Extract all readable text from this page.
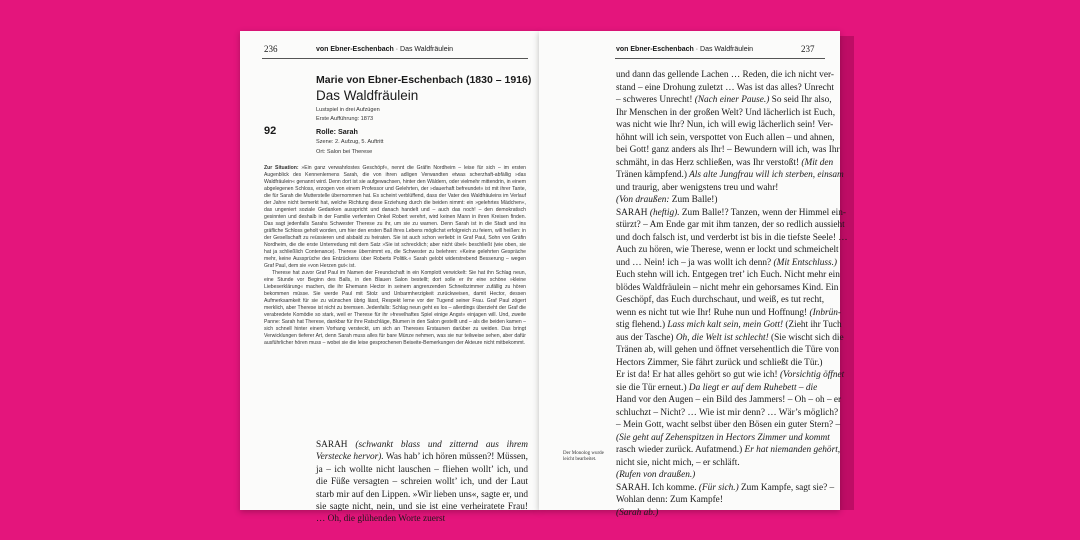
236	von Ebner-Eschenbach · Das Waldfräulein
Marie von Ebner-Eschenbach (1830 – 1916)
Das Waldfräulein
Lustspiel in drei Aufzügen
Erste Aufführung: 1873
92	Rolle: Sarah
Szene: 2. Aufzug, 5. Auftritt
Ort: Salon bei Therese

Zur Situation: »Ein ganz verwahrlostes Geschöpf«, nennt die Gräfin Nordheim – leise für sich – im ersten Augenblick des Kennenlernens Sarah, die von ihren adligen Verwandten etwas scherzhaft-abfällig »das Waldfräulein« genannt wird. Denn dort ist sie aufgewachsen, hinter den Wäldern, oder vielmehr mittendrin, in einem abgelegenen Schloss, erzogen von einem Professor und Gelehrten, der »dauerhaft befreundet« ist mit ihrer Tante, die für Sarah die Mutterstelle übernommen hat. Es scheint verblüffend, dass der Vater des Waldfräuleins im Verlauf der Jahre nicht bemerkt hat, welche Richtung diese Erziehung durch die beiden nimmt: ein »gelehrtes Mädchen«, das ungeniert soziale Gedanken ausspricht und danach handelt und – auch das noch! – den demokratisch gesinnten und deshalb in der Familie verfemten Onkel Robert verehrt, wird keinen Mann in ihren Kreisen finden. Das sagt jedenfalls Sarahs Schwester Therese zu ihr, um sie zu warnen. Denn Sarah ist in die Stadt und ins gräfliche Schloss geholt worden, um hier den ersten Ball ihres Lebens möglichst erfolgreich zu feiern, will heißen: in der Gesellschaft zu reüssieren und alsbald zu heiraten. Sie ist auch schon verliebt: in Graf Paul, Sohn von Gräfin Nordheim, die die erste Unterredung mit dem Satz »Sie ist schrecklich; aber nicht übel« beschließt (wie oben, sie hat ja schließlich Contenance). Therese übernimmt es, die Schwester zu belehren: »Keine gelehrten Gespräche mehr, keine Aussprüche des Entzückens über Roberts Politik.« Sarah gelobt widerstrebend Besserung – wegen Graf Paul, dem sie »von Herzen gut« ist.

Therese hat zuvor Graf Paul im Namen der Freundschaft in ein Komplott verwickelt: Sie hat ihn Schlag neun, eine Stunde vor Beginn des Balls, in den Blauen Salon bestellt; dort solle er ihr eine schöne »kleine Liebeserklärung« machen, die ihr Ehemann Hector in seinem angrenzenden Schneibzimmer zufällig zu hören bekommen müsse. Sie werde Paul mit Stolz und Unbarmherzigkeit zurückweisen, damit Hector, dessen Aufmerksamkeit für sie zu wünschen übrig lässt, Respekt lerne vor der Tugend seiner Frau. Graf Paul zögert merklich, aber Therese ist nicht zu bremsen. Jedenfalls: Schlag neun geht es los – allerdings überzieht der Graf die verabredete Komödie so stark, weil er Therese für ihr »frevelhaftes Spiel einige Angst« einjagen will. Und, zweite Panne: Sarah hat Therese, dankbar für ihre Ratschläge, Blumen in den Salon gestellt und – als die beiden kamen – sich schnell hinter einem Vorhang versteckt, um sich an Thereses Erstaunen darüber zu weiden. Das bringt Verwicklungen tieferer Art, denn Sarah muss alles für bare Münze nehmen, was sie nur teilweise sehen, aber dafür ausführlicher hören muss – wobei sie die leise gesprochenen Beiseite-Bemerkungen der Akteure nicht mitbekommt.

SARAH (schwankt blass und zitternd aus ihrem Verstecke hervor). Was hab’ ich hören müssen?! Müssen, ja – ich wollte nicht lauschen – fliehen wollt’ ich, und die Füße versagten – schreien wollt’ ich, und der Laut starb mir auf den Lippen. »Wir lieben uns«, sagte er, und sie sagte nicht, nein, und sie ist eine verheiratete Frau! … Oh, die glühenden Worte zuerst
von Ebner-Eschenbach · Das Waldfräulein	237
und dann das gellende Lachen … Reden, die ich nicht ver-
stand – eine Drohung zuletzt … Was ist das alles? Unrecht
– schweres Unrecht! (Nach einer Pause.) So seid Ihr also,
Ihr Menschen in der großen Welt? Und lächerlich ist Euch,
was nicht wie Ihr? Nun, ich will ewig lächerlich sein! Ver-
höhnt will ich sein, verspottet von Euch allen – und ahnen,
bei Gott! ganz anders als Ihr! – Bewundern will ich, was Ihr
schmäht, in das Herz schließen, was Ihr verstoßt! (Mit den
Tränen kämpfend.) Als alte Jungfrau will ich sterben, einsam
und traurig, aber wenigstens treu und wahr!
(Von draußen: Zum Balle!)
SARAH (heftig). Zum Balle!? Tanzen, wenn der Himmel ein-
stürzt? – Am Ende gar mit ihm tanzen, der so redlich aussieht
und doch falsch ist, und verderbt ist bis in die tiefste Seele! …
Auch zu hören, wie Therese, wenn er lockt und schmeichelt
und … Nein! ich – ja was wollt ich denn? (Mit Entschluss.)
Euch stehn will ich. Entgegen tret’ ich Euch. Nicht mehr ein
blödes Waldfräulein – nicht mehr ein gehorsames Kind. Ein
Geschöpf, das Euch durchschaut, und weiß, es tut recht,
wenn es nicht tut wie Ihr! Ruhe nun und Hoffnung! (Inbrün-
stig flehend.) Lass mich kalt sein, mein Gott! (Zieht ihr Tuch
aus der Tasche) Oh, die Welt ist schlecht! (Sie wischt sich die
Tränen ab, will gehen und öffnet versehentlich die Türe von
Hectors Zimmer, Sie fährt zurück und schließt die Tür.)
Er ist da! Er hat alles gehört so gut wie ich! (Vorsichtig öffnet
sie die Tür erneut.) Da liegt er auf dem Ruhebett – die
Hand vor den Augen – ein Bild des Jammers! – Oh – oh – er
schluchzt – Nicht? … Wie ist mir denn? … Wär’s möglich?
– Mein Gott, wacht selbst über den Bösen ein guter Stern? –
(Sie geht auf Zehenspitzen in Hectors Zimmer und kommt
rasch wieder zurück. Aufatmend.) Er hat niemanden gehört,
nicht sie, nicht mich, – er schläft.
(Rufen von draußen.)
SARAH. Ich komme. (Für sich.) Zum Kampfe, sagt sie? –
Wohlan denn: Zum Kampfe!
(Sarah ab.)
Der Monolog wurde leicht bearbeitet.
